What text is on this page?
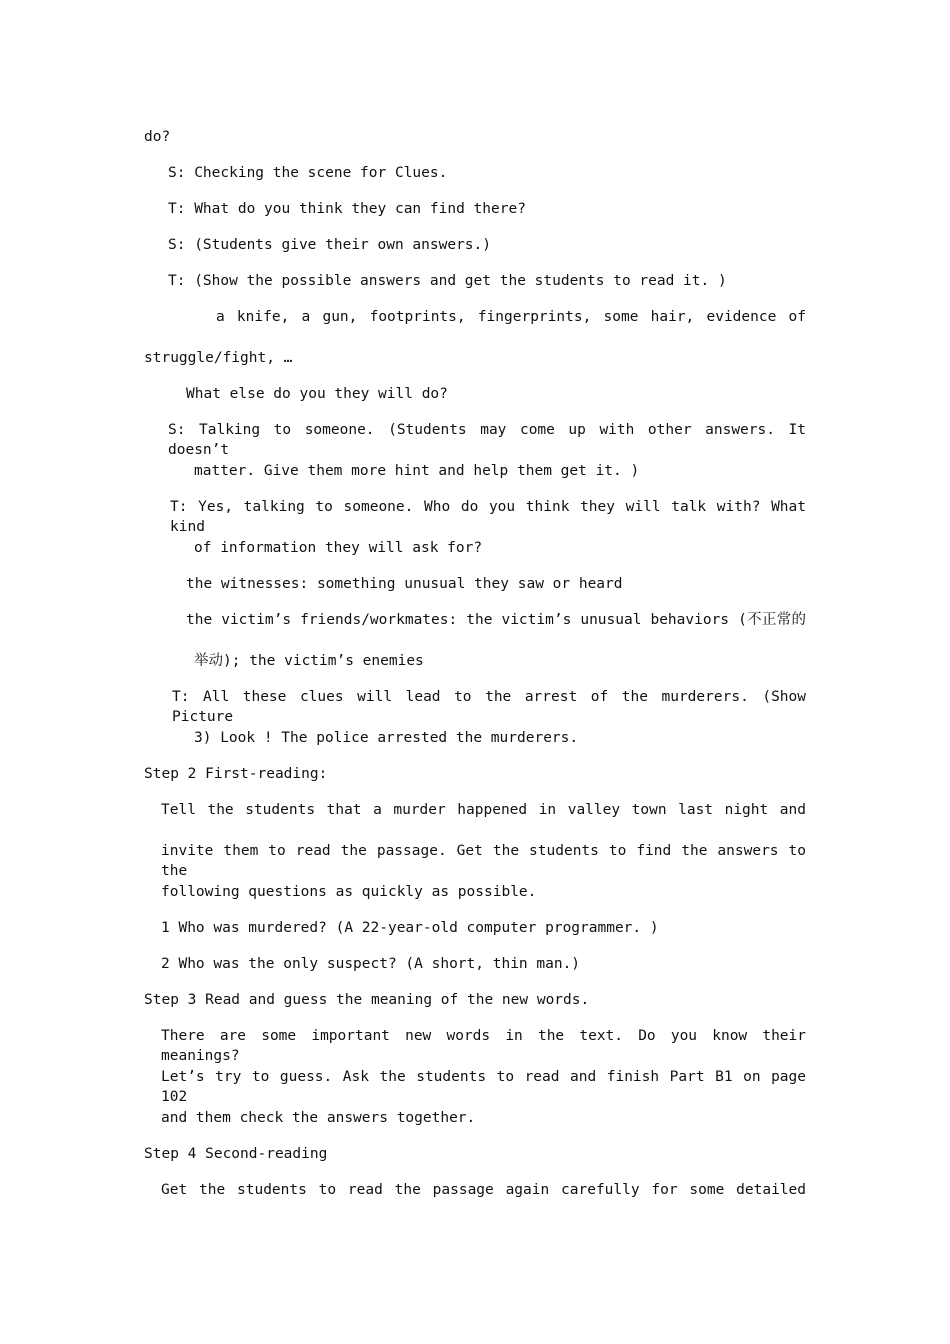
do?
S: Checking the scene for Clues.
T: What do you think they can find there?
S: (Students give their own answers.)
T: (Show the possible answers and get the students to read it. )
a knife, a gun, footprints, fingerprints, some hair, evidence of
struggle/fight, …
What else do you they will do?
S: Talking to someone. (Students may come up with other answers. It doesn’t
matter. Give them more hint and help them get it. )
T: Yes, talking to someone. Who do you think they will talk with? What kind
of information they will ask for?
the witnesses: something unusual they saw or heard
the victim’s friends/workmates: the victim’s unusual behaviors (不正常的
举动); the victim’s enemies
T: All these clues will lead to the arrest of the murderers. (Show Picture
3) Look ! The police arrested the murderers.
Step 2 First-reading:
Tell the students that a murder happened in valley town last night and
invite them to read the passage. Get the students to find the answers to the
following questions as quickly as possible.
1 Who was murdered? (A 22-year-old computer programmer. )
2 Who was the only suspect? (A short, thin man.)
Step 3 Read and guess the meaning of the new words.
There are some important new words in the text. Do you know their meanings?
Let’s try to guess. Ask the students to read and finish Part B1 on page 102
and them check the answers together.
Step 4 Second-reading
Get the students to read the passage again carefully for some detailed
